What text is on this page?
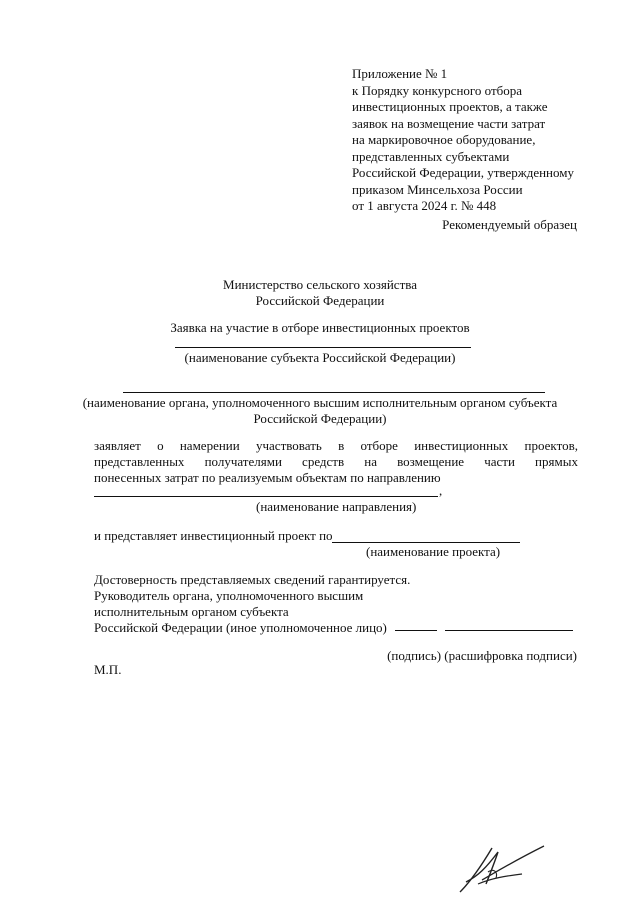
Приложение № 1
к Порядку конкурсного отбора
инвестиционных проектов, а также
заявок на возмещение части затрат
на маркировочное оборудование,
представленных субъектами
Российской Федерации, утвержденному
приказом Минсельхоза России
от 1 августа 2024 г. № 448
Рекомендуемый образец
Министерство сельского хозяйства
Российской Федерации
Заявка на участие в отборе инвестиционных проектов
(наименование субъекта Российской Федерации)
(наименование органа, уполномоченного высшим исполнительным органом субъекта
Российской Федерации)
заявляет о намерении участвовать в отборе инвестиционных проектов,
представленных получателями средств на возмещение части прямых
понесенных затрат по реализуемым объектам по направлению
,
(наименование направления)
и представляет инвестиционный проект по
(наименование проекта)
Достоверность представляемых сведений гарантируется.
Руководитель органа, уполномоченного высшим
исполнительным органом субъекта
Российской Федерации (иное уполномоченное лицо)
(подпись) (расшифровка подписи)
М.П.
